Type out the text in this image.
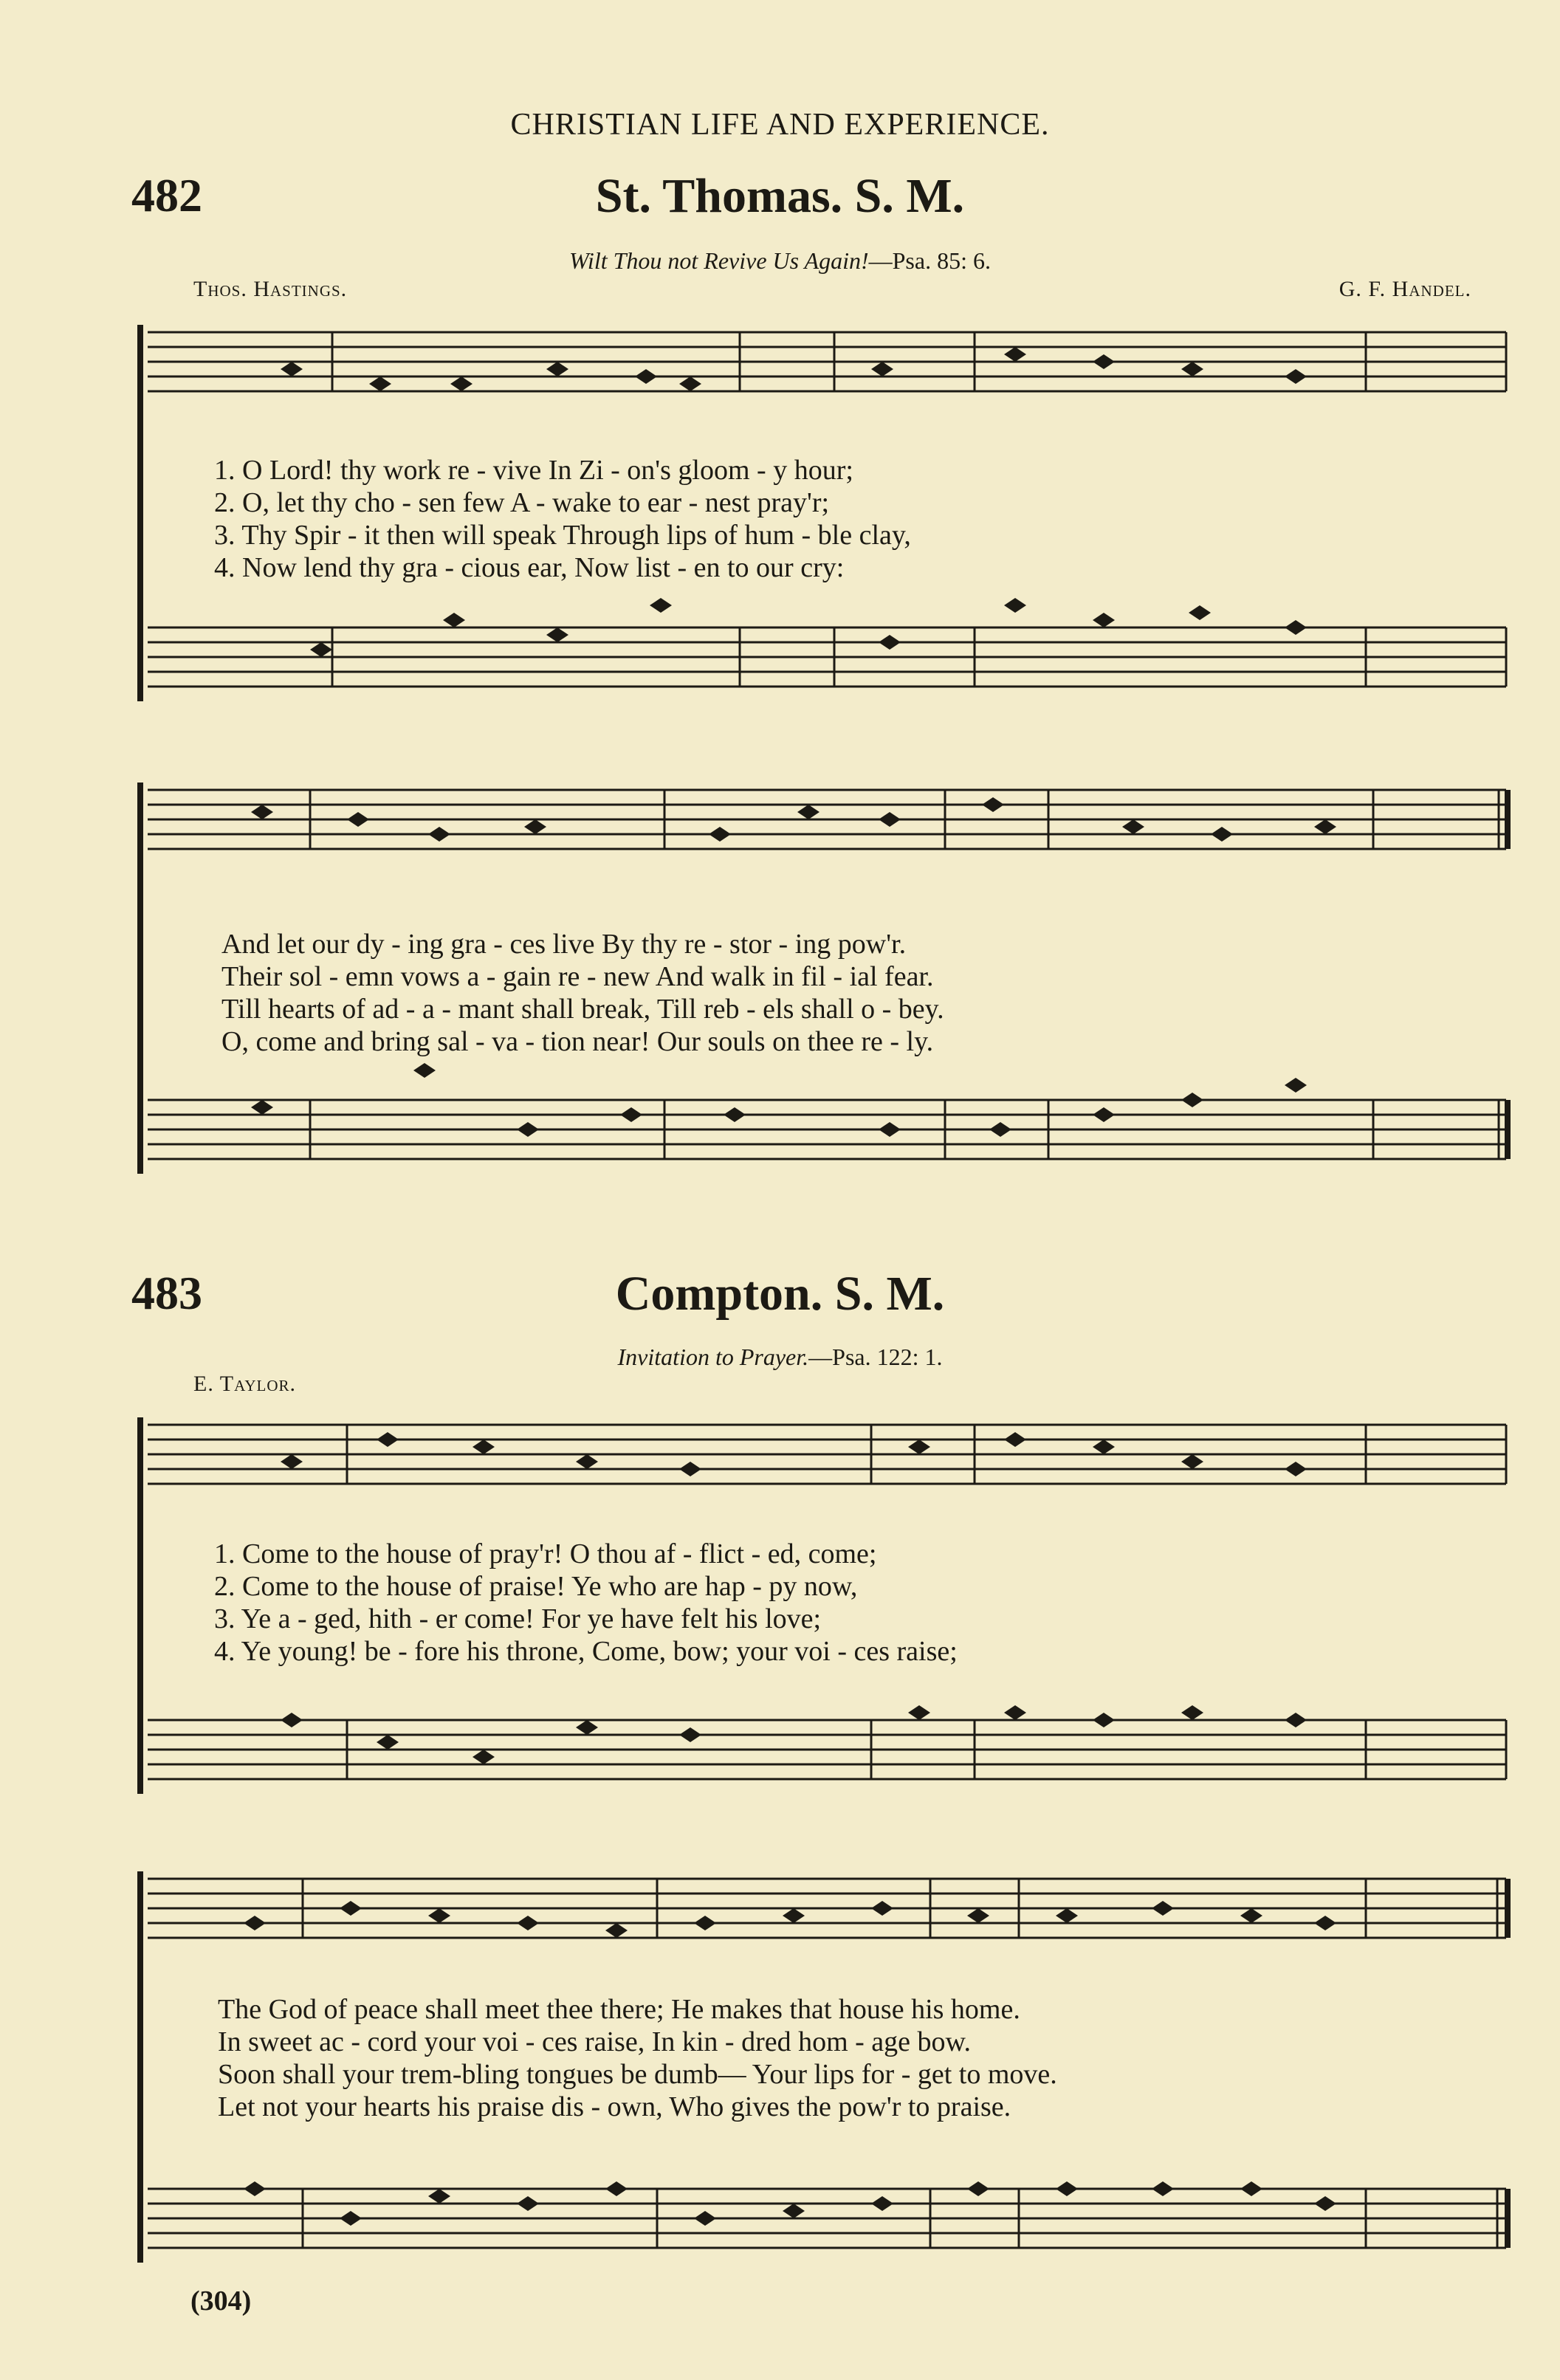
CHRISTIAN LIFE AND EXPERIENCE.
482	St. Thomas. S. M.
Wilt Thou not Revive Us Again!—Psa. 85: 6.
Thos. Hastings.	G. F. Handel.
1. O Lord! thy work re - vive In Zi - on's gloom - y hour;
2. O, let thy cho - sen few A - wake to ear - nest pray'r;
3. Thy Spir - it then will speak Through lips of hum - ble clay,
4. Now lend thy gra - cious ear, Now list - en to our cry:
And let our dy - ing gra - ces live By thy re - stor - ing pow'r.
Their sol - emn vows a - gain re - new And walk in fil - ial fear.
Till hearts of ad - a - mant shall break, Till reb - els shall o - bey.
O, come and bring sal - va - tion near! Our souls on thee re - ly.
483	Compton. S. M.
Invitation to Prayer.—Psa. 122: 1.
E. Taylor.
1. Come to the house of pray'r! O thou af - flict - ed, come;
2. Come to the house of praise! Ye who are hap - py now,
3. Ye a - ged, hith - er come! For ye have felt his love;
4. Ye young! be - fore his throne, Come, bow; your voi - ces raise;
The God of peace shall meet thee there; He makes that house his home.
In sweet ac - cord your voi - ces raise, In kin - dred hom - age bow.
Soon shall your trem-bling tongues be dumb— Your lips for - get to move.
Let not your hearts his praise dis - own, Who gives the pow'r to praise.
(304)
